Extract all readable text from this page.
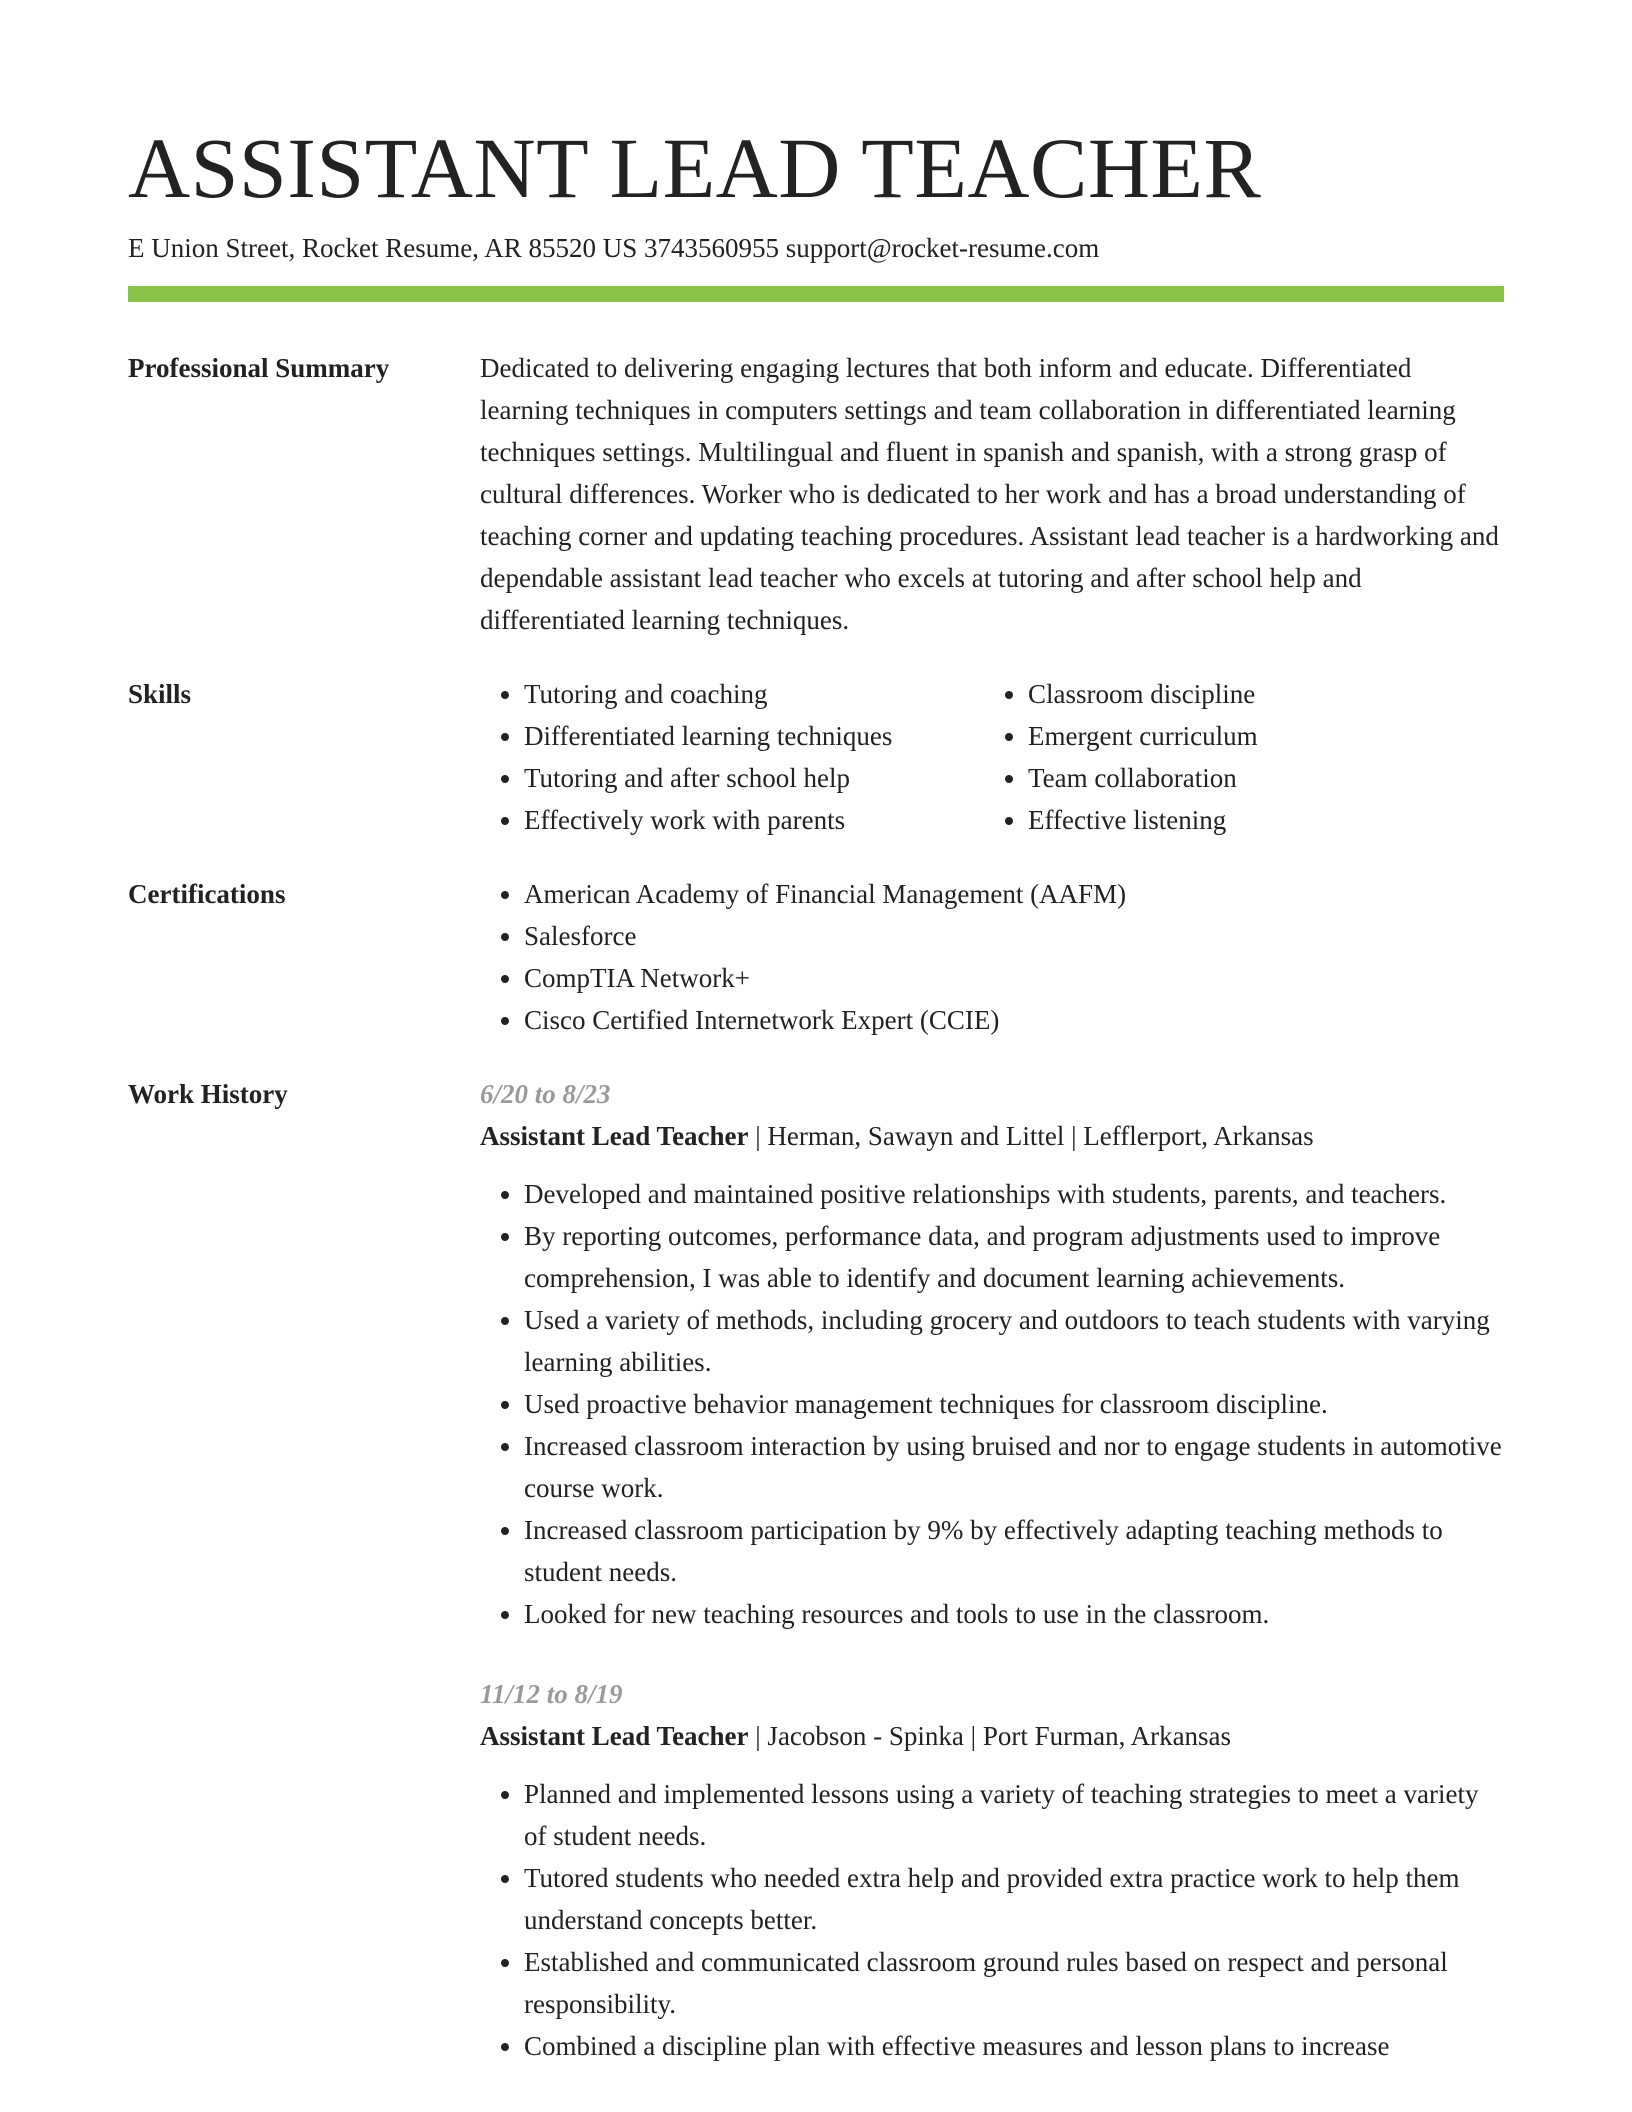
ASSISTANT LEAD TEACHER
E Union Street, Rocket Resume, AR 85520 US 3743560955 support@rocket-resume.com
Professional Summary	Dedicated to delivering engaging lectures that both inform and educate. Differentiated learning techniques in computers settings and team collaboration in differentiated learning techniques settings. Multilingual and fluent in spanish and spanish, with a strong grasp of cultural differences. Worker who is dedicated to her work and has a broad understanding of teaching corner and updating teaching procedures. Assistant lead teacher is a hardworking and dependable assistant lead teacher who excels at tutoring and after school help and differentiated learning techniques.

Skills	• Tutoring and coaching
• Differentiated learning techniques
• Tutoring and after school help
• Effectively work with parents
• Classroom discipline
• Emergent curriculum
• Team collaboration
• Effective listening
Certifications	• American Academy of Financial Management (AAFM)
• Salesforce
• CompTIA Network+
• Cisco Certified Internetwork Expert (CCIE)
Work History	6/20 to 8/23

Assistant Lead Teacher | Herman, Sawayn and Littel | Lefflerport, Arkansas

• Developed and maintained positive relationships with students, parents, and teachers.
• By reporting outcomes, performance data, and program adjustments used to improve comprehension, I was able to identify and document learning achievements.
• Used a variety of methods, including grocery and outdoors to teach students with varying learning abilities.
• Used proactive behavior management techniques for classroom discipline.
• Increased classroom interaction by using bruised and nor to engage students in automotive course work.
• Increased classroom participation by 9% by effectively adapting teaching methods to student needs.
• Looked for new teaching resources and tools to use in the classroom.

11/12 to 8/19

Assistant Lead Teacher | Jacobson - Spinka | Port Furman, Arkansas

• Planned and implemented lessons using a variety of teaching strategies to meet a variety of student needs.
• Tutored students who needed extra help and provided extra practice work to help them understand concepts better.
• Established and communicated classroom ground rules based on respect and personal responsibility.
• Combined a discipline plan with effective measures and lesson plans to increase
